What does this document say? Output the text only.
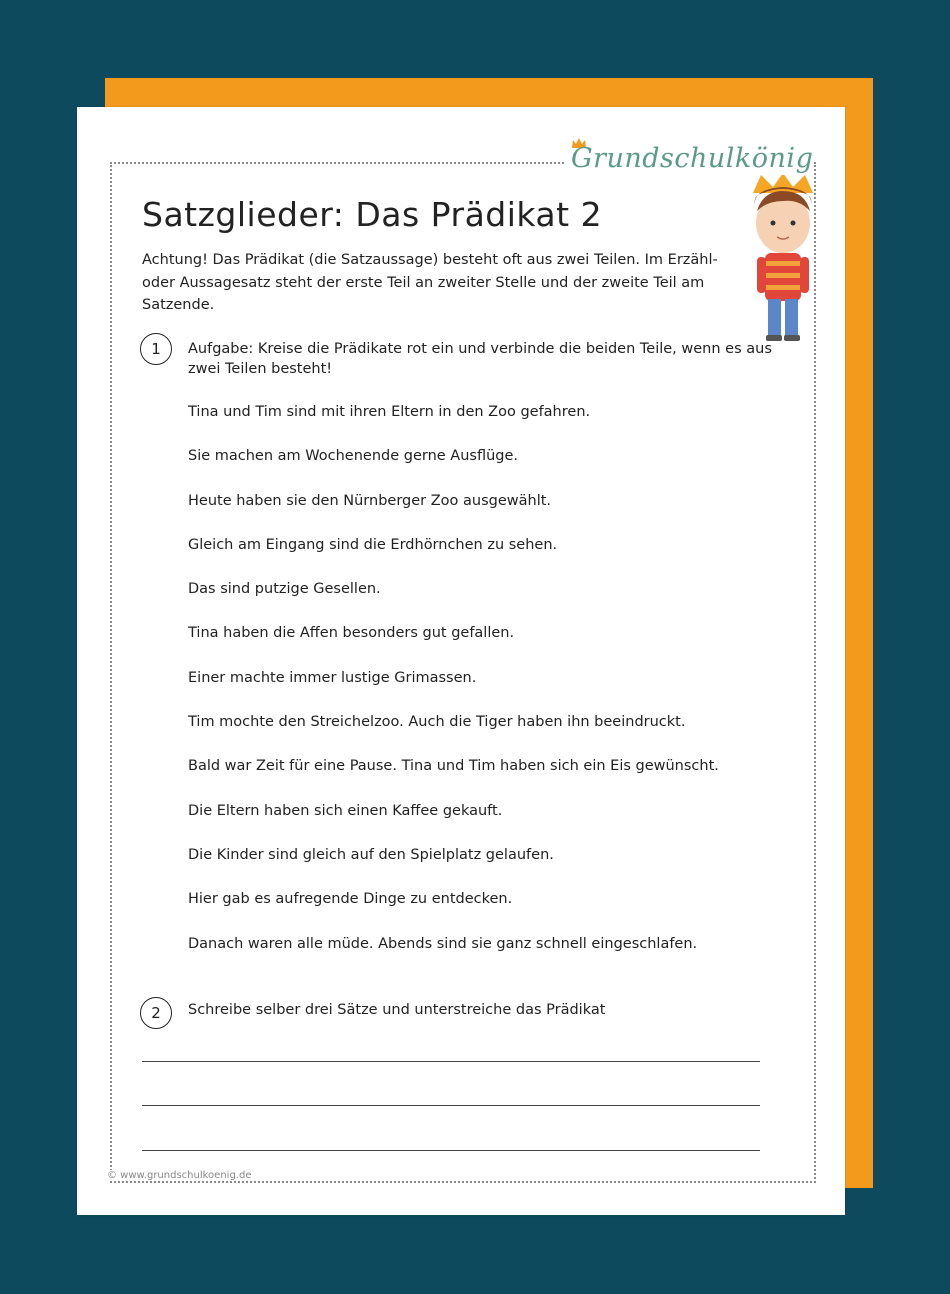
Grundschulkönig
Satzglieder: Das Prädikat 2
Achtung! Das Prädikat (die Satzaussage) besteht oft aus zwei Teilen. Im Erzähl- oder Aussagesatz steht der erste Teil an zweiter Stelle und der zweite Teil am Satzende.
1	Aufgabe: Kreise die Prädikate rot ein und verbinde die beiden Teile, wenn es aus zwei Teilen besteht!
Tina und Tim sind mit ihren Eltern in den Zoo gefahren.
Sie machen am Wochenende gerne Ausflüge.
Heute haben sie den Nürnberger Zoo ausgewählt.
Gleich am Eingang sind die Erdhörnchen zu sehen.
Das sind putzige Gesellen.
Tina haben die Affen besonders gut gefallen.
Einer machte immer lustige Grimassen.
Tim mochte den Streichelzoo. Auch die Tiger haben ihn beeindruckt.
Bald war Zeit für eine Pause. Tina und Tim haben sich ein Eis gewünscht.
Die Eltern haben sich einen Kaffee gekauft.
Die Kinder sind gleich auf den Spielplatz gelaufen.
Hier gab es aufregende Dinge zu entdecken.
Danach waren alle müde. Abends sind sie ganz schnell eingeschlafen.
2	Schreibe selber drei Sätze und unterstreiche das Prädikat
© www.grundschulkoenig.de
